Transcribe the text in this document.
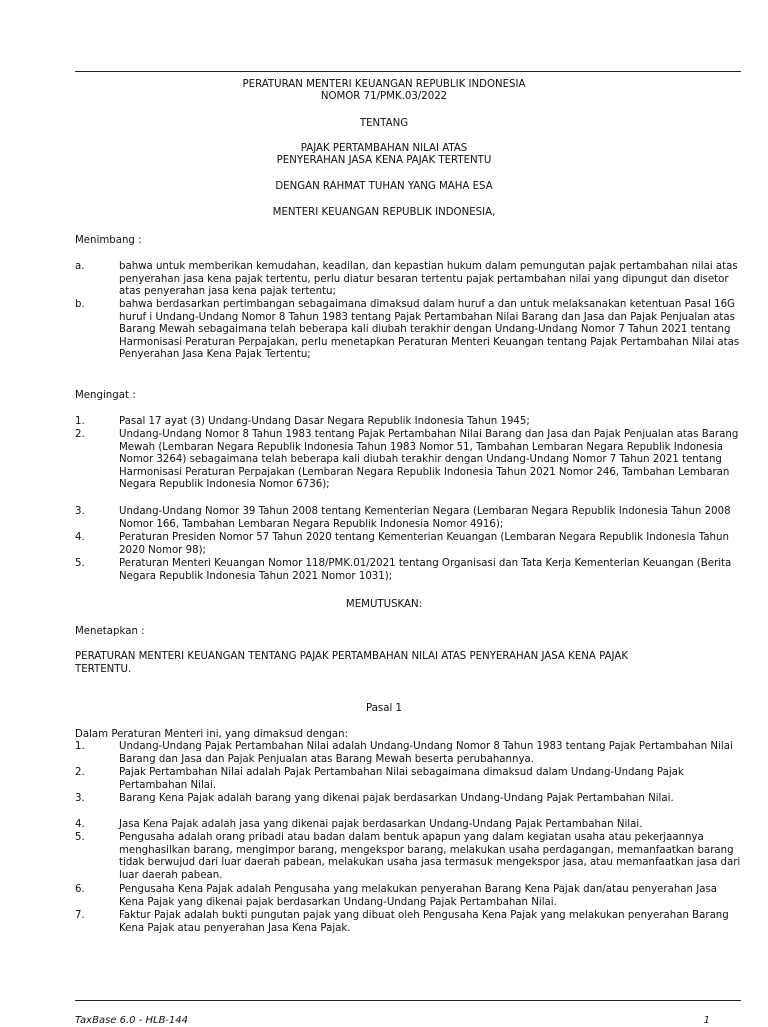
PERATURAN MENTERI KEUANGAN REPUBLIK INDONESIA
NOMOR 71/PMK.03/2022
TENTANG
PAJAK PERTAMBAHAN NILAI ATAS
PENYERAHAN JASA KENA PAJAK TERTENTU
DENGAN RAHMAT TUHAN YANG MAHA ESA
MENTERI KEUANGAN REPUBLIK INDONESIA,
Menimbang :
a.	bahwa untuk memberikan kemudahan, keadilan, dan kepastian hukum dalam pemungutan pajak pertambahan nilai atas penyerahan jasa kena pajak tertentu, perlu diatur besaran tertentu pajak pertambahan nilai yang dipungut dan disetor atas penyerahan jasa kena pajak tertentu;
b.	bahwa berdasarkan pertimbangan sebagaimana dimaksud dalam huruf a dan untuk melaksanakan ketentuan Pasal 16G huruf i Undang-Undang Nomor 8 Tahun 1983 tentang Pajak Pertambahan Nilai Barang dan Jasa dan Pajak Penjualan atas Barang Mewah sebagaimana telah beberapa kali diubah terakhir dengan Undang-Undang Nomor 7 Tahun 2021 tentang Harmonisasi Peraturan Perpajakan, perlu menetapkan Peraturan Menteri Keuangan tentang Pajak Pertambahan Nilai atas Penyerahan Jasa Kena Pajak Tertentu;
Mengingat :
1.	Pasal 17 ayat (3) Undang-Undang Dasar Negara Republik Indonesia Tahun 1945;
2.	Undang-Undang Nomor 8 Tahun 1983 tentang Pajak Pertambahan Nilai Barang dan Jasa dan Pajak Penjualan atas Barang Mewah (Lembaran Negara Republik Indonesia Tahun 1983 Nomor 51, Tambahan Lembaran Negara Republik Indonesia Nomor 3264) sebagaimana telah beberapa kali diubah terakhir dengan Undang-Undang Nomor 7 Tahun 2021 tentang Harmonisasi Peraturan Perpajakan (Lembaran Negara Republik Indonesia Tahun 2021 Nomor 246, Tambahan Lembaran Negara Republik Indonesia Nomor 6736);
3.	Undang-Undang Nomor 39 Tahun 2008 tentang Kementerian Negara (Lembaran Negara Republik Indonesia Tahun 2008 Nomor 166, Tambahan Lembaran Negara Republik Indonesia Nomor 4916);
4.	Peraturan Presiden Nomor 57 Tahun 2020 tentang Kementerian Keuangan (Lembaran Negara Republik Indonesia Tahun 2020 Nomor 98);
5.	Peraturan Menteri Keuangan Nomor 118/PMK.01/2021 tentang Organisasi dan Tata Kerja Kementerian Keuangan (Berita Negara Republik Indonesia Tahun 2021 Nomor 1031);
MEMUTUSKAN:
Menetapkan :
PERATURAN MENTERI KEUANGAN TENTANG PAJAK PERTAMBAHAN NILAI ATAS PENYERAHAN JASA KENA PAJAK TERTENTU.
Pasal 1
Dalam Peraturan Menteri ini, yang dimaksud dengan:
1.	Undang-Undang Pajak Pertambahan Nilai adalah Undang-Undang Nomor 8 Tahun 1983 tentang Pajak Pertambahan Nilai Barang dan Jasa dan Pajak Penjualan atas Barang Mewah beserta perubahannya.
2.	Pajak Pertambahan Nilai adalah Pajak Pertambahan Nilai sebagaimana dimaksud dalam Undang-Undang Pajak Pertambahan Nilai.
3.	Barang Kena Pajak adalah barang yang dikenai pajak berdasarkan Undang-Undang Pajak Pertambahan Nilai.
4.	Jasa Kena Pajak adalah jasa yang dikenai pajak berdasarkan Undang-Undang Pajak Pertambahan Nilai.
5.	Pengusaha adalah orang pribadi atau badan dalam bentuk apapun yang dalam kegiatan usaha atau pekerjaannya menghasilkan barang, mengimpor barang, mengekspor barang, melakukan usaha perdagangan, memanfaatkan barang tidak berwujud dari luar daerah pabean, melakukan usaha jasa termasuk mengekspor jasa, atau memanfaatkan jasa dari luar daerah pabean.
6.	Pengusaha Kena Pajak adalah Pengusaha yang melakukan penyerahan Barang Kena Pajak dan/atau penyerahan Jasa Kena Pajak yang dikenai pajak berdasarkan Undang-Undang Pajak Pertambahan Nilai.
7.	Faktur Pajak adalah bukti pungutan pajak yang dibuat oleh Pengusaha Kena Pajak yang melakukan penyerahan Barang Kena Pajak atau penyerahan Jasa Kena Pajak.
TaxBase 6.0 - HLB-144	1
